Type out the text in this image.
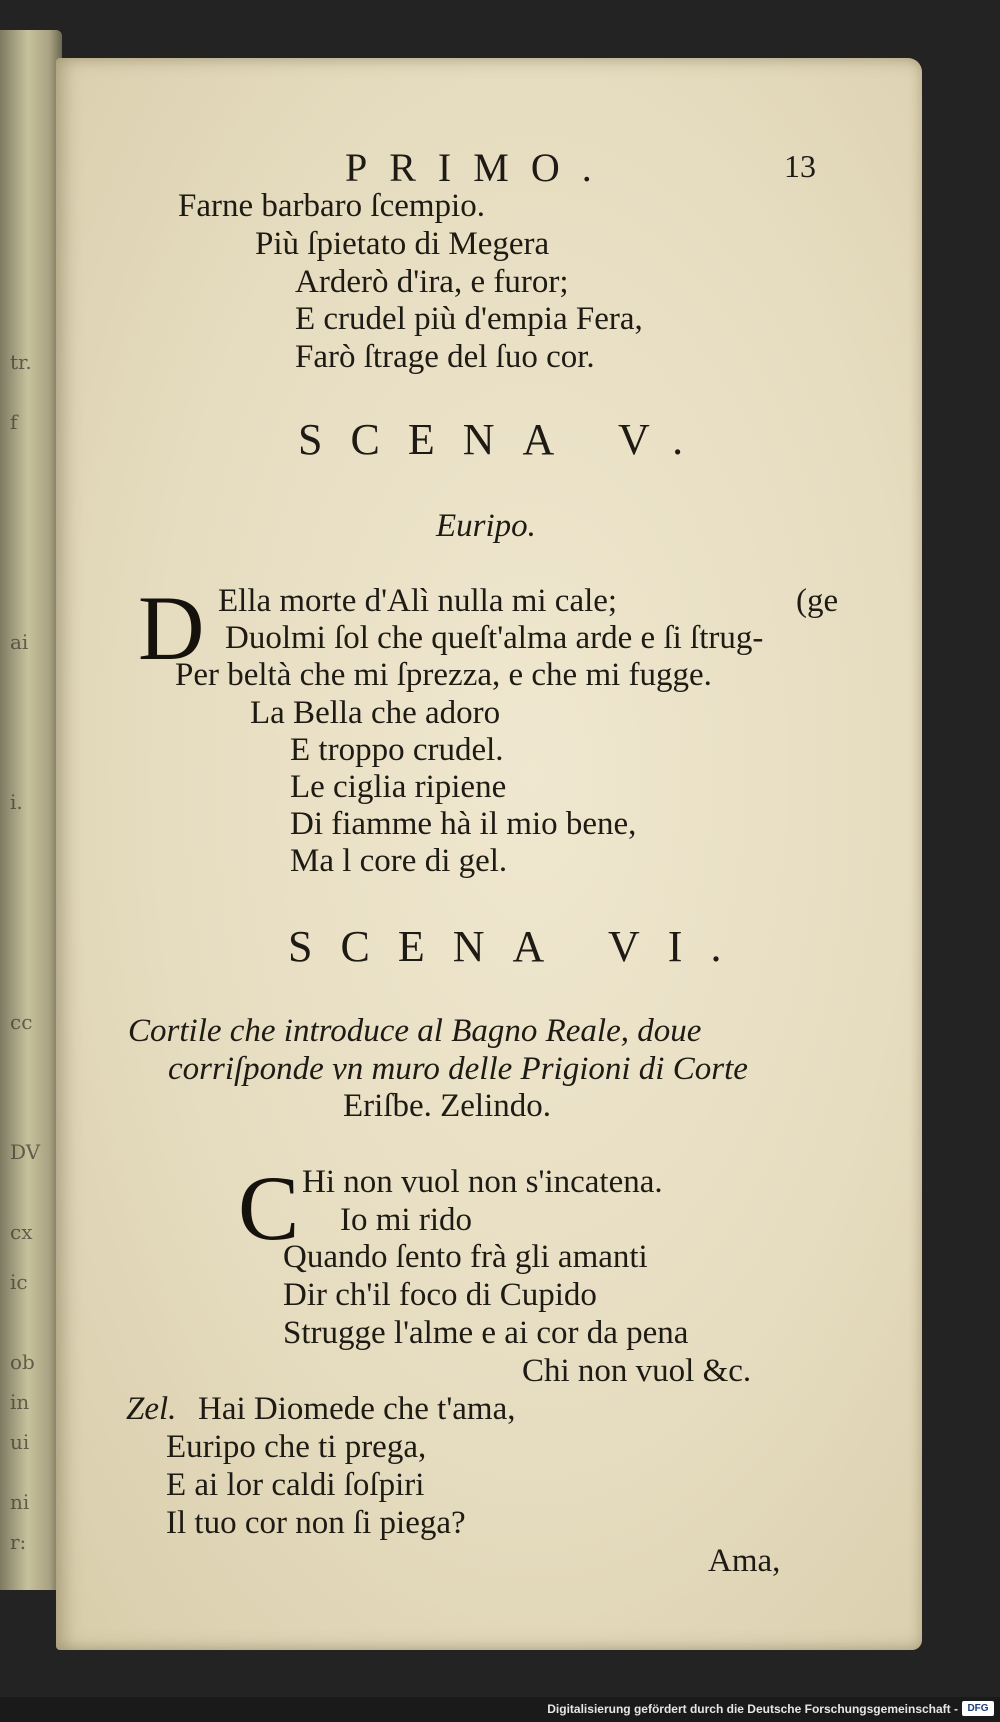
tr.
f
ai
i.
cc
DV
cx
ic
ob
in
ui
ni
r:
PRIMO.	13
Farne barbaro ſcempio.
Più ſpietato di Megera
Arderò d'ira, e furor;
E crudel più d'empia Fera,
Farò ſtrage del ſuo cor.
SCENA V.
Euripo.
D Ella morte d'Alì nulla mi cale;	(ge
Duolmi ſol che queſt'alma arde e ſi ſtrug-
Per beltà che mi ſprezza, e che mi fugge.
La Bella che adoro
E troppo crudel.
Le ciglia ripiene
Di fiamme hà il mio bene,
Ma l core di gel.
SCENA VI.
Cortile che introduce al Bagno Reale, doue
corriſponde vn muro delle Prigioni di Corte
Eriſbe. Zelindo.
C Hi non vuol non s'incatena.
Io mi rido
Quando ſento frà gli amanti
Dir ch'il foco di Cupido
Strugge l'alme e ai cor da pena
Chi non vuol &c.
Zel. Hai Diomede che t'ama,
Euripo che ti prega,
E ai lor caldi ſoſpiri
Il tuo cor non ſi piega?
Ama,
Digitalisierung gefördert durch die Deutsche Forschungsgemeinschaft - DFG
